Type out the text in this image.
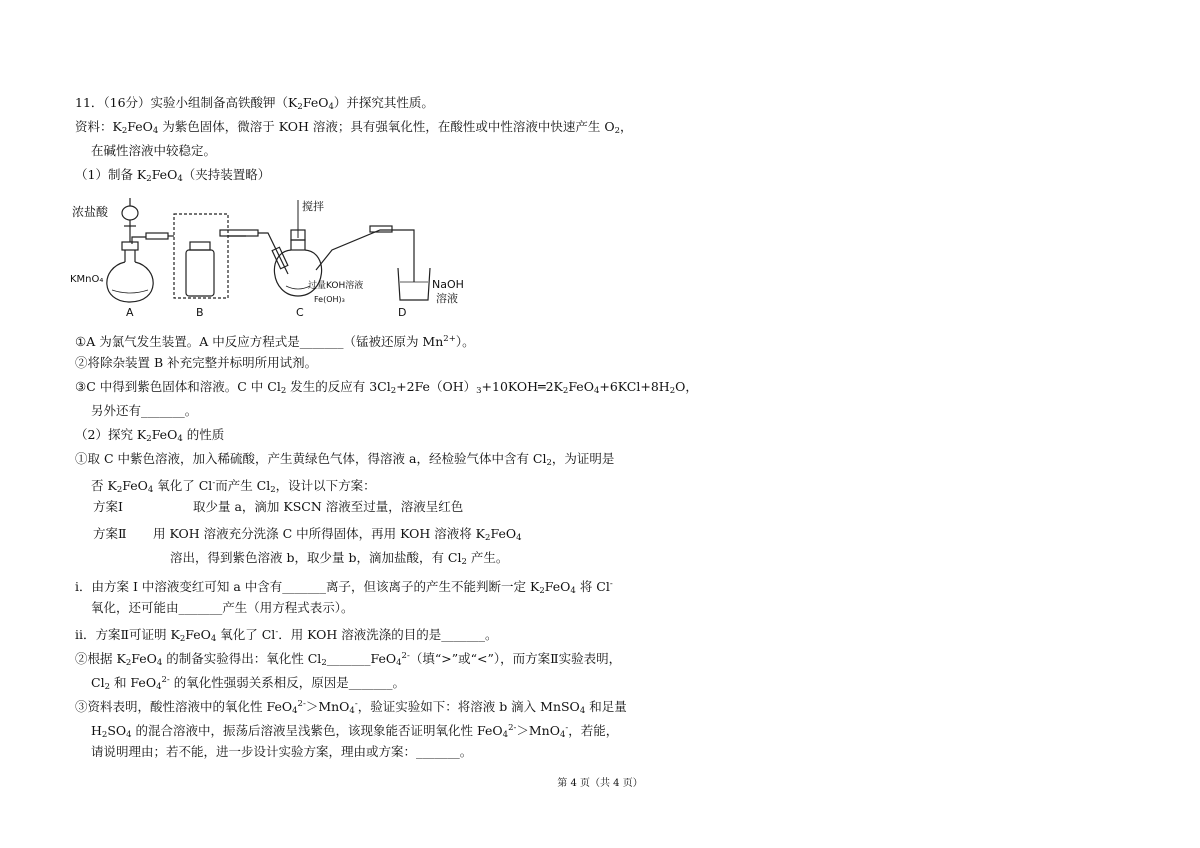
11．（16分）实验小组制备高铁酸钾$(K_2FeO_4)$并探究其性质。
资料：$K_2FeO_4$ 为紫色固体，微溶于 KOH 溶液；具有强氧化性，在酸性或中性溶液中快速产生 $O_2$，
在碱性溶液中较稳定。
（1）制备 $K_2FeO_4$（夹持装置略）
浓盐酸
KMnO₄
搅拌
过量KOH溶液
Fe(OH)₃
NaOH
溶液
A	B	C	D
①A 为氯气发生装置。A 中反应方程式是_______（锰被还原为 $Mn^{2+}$）。
②将除杂装置 B 补充完整并标明所用试剂。
③C 中得到紫色固体和溶液。C 中 $Cl_2$ 发生的反应有 $3Cl_2+2Fe(OH)_3+10KOH═2K_2FeO_4+6KCl+8H_2O$，
另外还有_______。
（2）探究 $K_2FeO_4$ 的性质
①取 C 中紫色溶液，加入稀硫酸，产生黄绿色气体，得溶液 a，经检验气体中含有 $Cl_2$，为证明是
否 $K_2FeO_4$ 氧化了 Cl-而产生 $Cl_2$，设计以下方案：
方案Ⅰ	取少量 a，滴加 KSCN 溶液至过量，溶液呈红色
方案Ⅱ 用 KOH 溶液充分洗涤 C 中所得固体，再用 KOH 溶液将 $K_2FeO_4$
溶出，得到紫色溶液 b，取少量 b，滴加盐酸，有 $Cl_2$ 产生。
i．由方案 I 中溶液变红可知 a 中含有_______离子，但该离子的产生不能判断一定 $K_2FeO_4$ 将 Cl-
氧化，还可能由_______产生（用方程式表示）。
ii．方案Ⅱ可证明 $K_2FeO_4$ 氧化了 Cl-．用 KOH 溶液洗涤的目的是_______。
②根据 $K_2FeO_4$ 的制备实验得出：氧化性 $Cl_2\_\_\_\_\_\_\_FeO_4^{2-}$（填“>”或“<”），而方案Ⅱ实验表明，
$Cl_2$ 和 FeO$_4^{2-}$ 的氧化性强弱关系相反，原因是_______。
③资料表明，酸性溶液中的氧化性 FeO$_4^{2-}$＞MnO$_4$-，验证实验如下：将溶液 b 滴入 MnSO$_4$ 和足量
$H_2SO_4$ 的混合溶液中，振荡后溶液呈浅紫色，该现象能否证明氧化性 FeO$_4^{2-}$＞MnO$_4$-，若能，
请说明理由；若不能，进一步设计实验方案，理由或方案：_______。
第 4 页（共 4 页）
